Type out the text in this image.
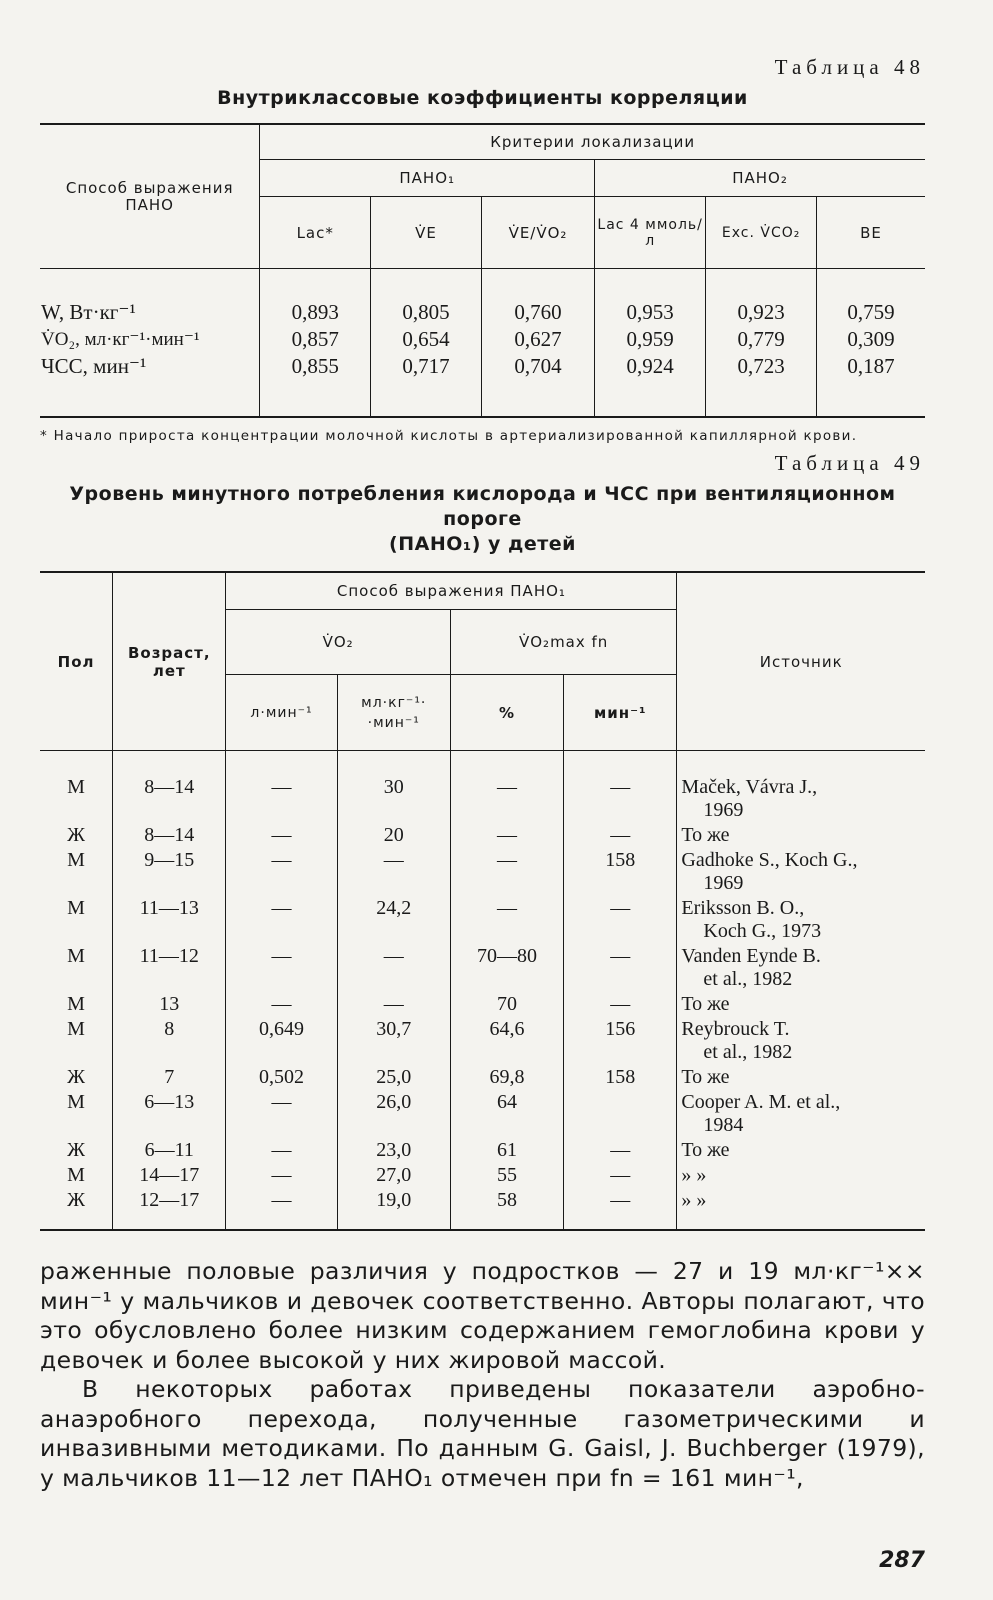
Таблица 48
Внутриклассовые коэффициенты корреляции
Способ выражения ПАНО	Критерии локализации					
	ПАНО₁			ПАНО₂		
	Lac*	V̇E	V̇E/V̇O₂	Lac 4 ммоль/л	Exc. V̇CO₂	BE

W, Вт·кг⁻¹	0,893	0,805	0,760	0,953	0,923	0,759
V̇O₂, мл·кг⁻¹·мин⁻¹	0,857	0,654	0,627	0,959	0,779	0,309
ЧСС, мин⁻¹	0,855	0,717	0,704	0,924	0,723	0,187

* Начало прироста концентрации молочной кислоты в артериализированной капиллярной крови.
Таблица 49
Уровень минутного потребления кислорода и ЧСС при вентиляционном пороге
(ПАНО₁) у детей
Пол	Возраст, лет	Способ выражения ПАНО₁				Источник
		V̇O₂		V̇O₂max fn		
		л·мин⁻¹	мл·кг⁻¹·
·мин⁻¹	%	мин⁻¹	

М	8—14	—	30	—	—	Maček, Vávra J.,
1969

Ж	8—14	—	20	—	—	То же

М	9—15	—	—	—	158	Gadhoke S., Koch G.,
1969

М	11—13	—	24,2	—	—	Eriksson B. O.,
Koch G., 1973

М	11—12	—	—	70—80	—	Vanden Eynde B.
et al., 1982

М	13	—	—	70	—	То же

М	8	0,649	30,7	64,6	156	Reybrouck T.
et al., 1982

Ж	7	0,502	25,0	69,8	158	То же

М	6—13	—	26,0	64		Cooper A. M. et al.,
1984

Ж	6—11	—	23,0	61	—	То же

М	14—17	—	27,0	55	—	» »

Ж	12—17	—	19,0	58	—	» »

раженные половые различия у подростков — 27 и 19 мл·кг⁻¹×× мин⁻¹ у мальчиков и девочек соответственно. Авторы полагают, что это обусловлено более низким содержанием гемоглобина крови у девочек и более высокой у них жировой массой.

В некоторых работах приведены показатели аэробно-анаэробного перехода, полученные газометрическими и инвазивными методиками. По данным G. Gaisl, J. Buchberger (1979), у мальчиков 11—12 лет ПАНО₁ отмечен при fn = 161 мин⁻¹,

287
